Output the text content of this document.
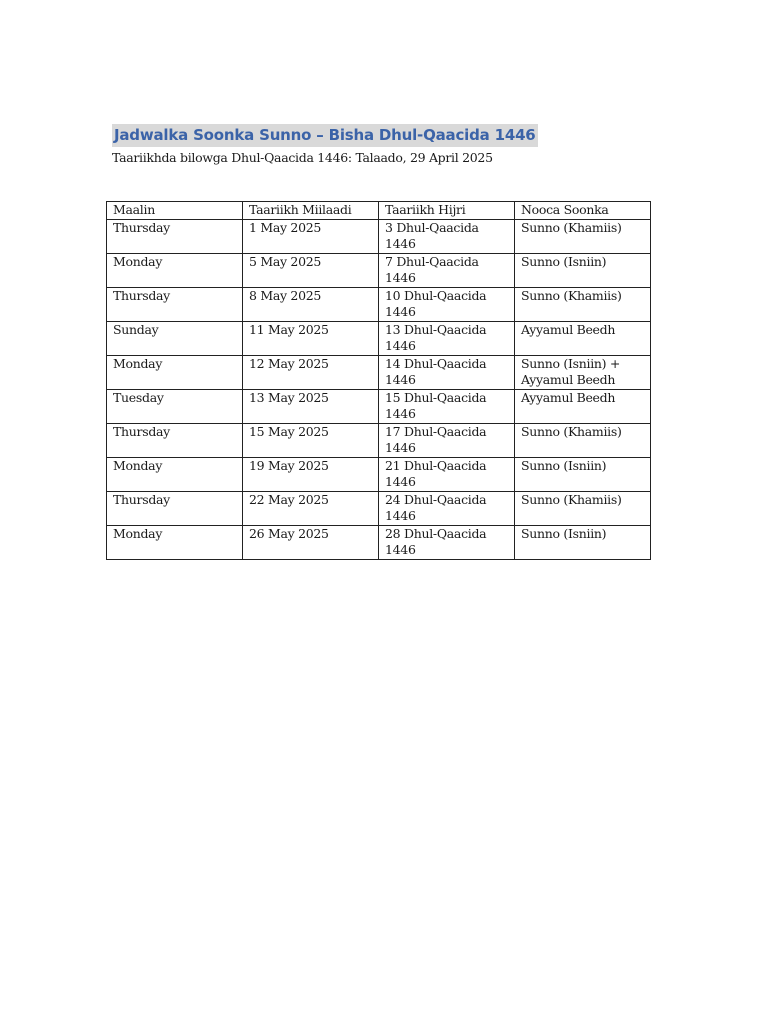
Jadwalka Soonka Sunno – Bisha Dhul-Qaacida 1446

Taariikhda bilowga Dhul-Qaacida 1446: Talaado, 29 April 2025

Maalin	Taariikh Miilaadi	Taariikh Hijri	Nooca Soonka
Thursday	1 May 2025	3 Dhul-Qaacida 1446	Sunno (Khamiis)
Monday	5 May 2025	7 Dhul-Qaacida 1446	Sunno (Isniin)
Thursday	8 May 2025	10 Dhul-Qaacida 1446	Sunno (Khamiis)
Sunday	11 May 2025	13 Dhul-Qaacida 1446	Ayyamul Beedh
Monday	12 May 2025	14 Dhul-Qaacida 1446	Sunno (Isniin) + Ayyamul Beedh
Tuesday	13 May 2025	15 Dhul-Qaacida 1446	Ayyamul Beedh
Thursday	15 May 2025	17 Dhul-Qaacida 1446	Sunno (Khamiis)
Monday	19 May 2025	21 Dhul-Qaacida 1446	Sunno (Isniin)
Thursday	22 May 2025	24 Dhul-Qaacida 1446	Sunno (Khamiis)
Monday	26 May 2025	28 Dhul-Qaacida 1446	Sunno (Isniin)
